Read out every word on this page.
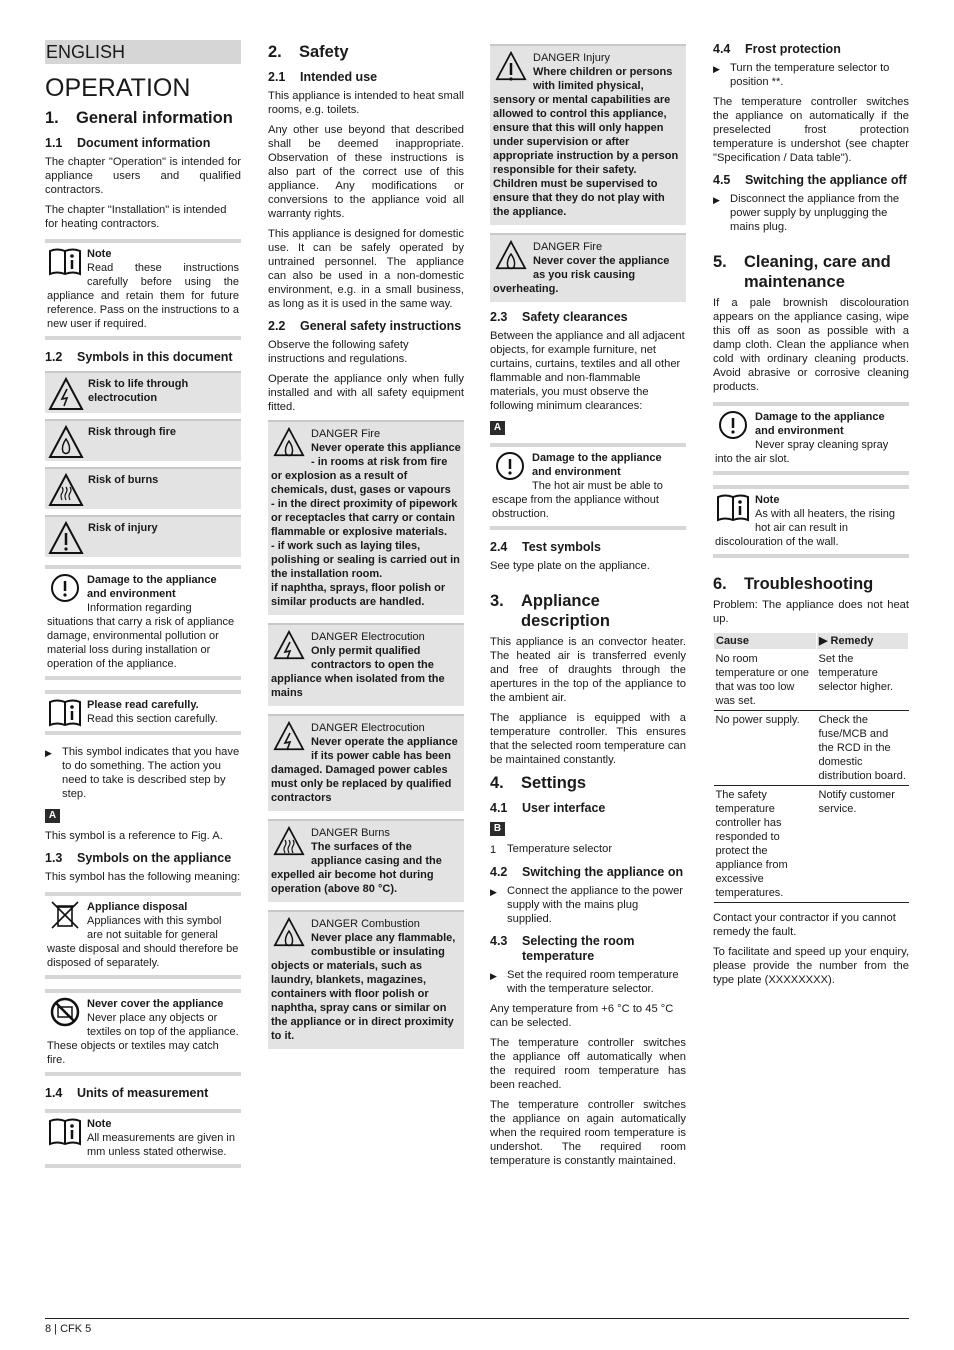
ENGLISH
OPERATION
1.	General information
1.1	Document information

The chapter "Operation" is intended for appliance users and qualified contractors.

The chapter "Installation" is intended for heating contractors.

Note
Read these instructions carefully before using the appliance and retain them for future reference. Pass on the instructions to a new user if required.
1.2	Symbols in this document
Risk to life through electrocution
Risk through fire
Risk of burns
Risk of injury
Damage to the appliance and environment
Information regarding situations that carry a risk of appliance damage, environmental pollution or material loss during installation or operation of the appliance.
Please read carefully.
Read this section carefully.
▶ This symbol indicates that you have to do something. The action you need to take is described step by step.
A

This symbol is a reference to Fig. A.

1.3	Symbols on the appliance

This symbol has the following meaning:

Appliance disposal
Appliances with this symbol are not suitable for general waste disposal and should therefore be disposed of separately.
Never cover the appliance
Never place any objects or textiles on top of the appliance. These objects or textiles may catch fire.
1.4	Units of measurement
Note
All measurements are given in mm unless stated otherwise.
2.	Safety
2.1	Intended use

This appliance is intended to heat small rooms, e.g. toilets.

Any other use beyond that described shall be deemed inappropriate. Observation of these instructions is also part of the correct use of this appliance. Any modifications or conversions to the appliance void all warranty rights.

This appliance is designed for domestic use. It can be safely operated by untrained personnel. The appliance can also be used in a non-domestic environment, e.g. in a small business, as long as it is used in the same way.

2.2	General safety instructions

Observe the following safety instructions and regulations.

Operate the appliance only when fully installed and with all safety equipment fitted.

DANGER Fire
Never operate this appliance
- in rooms at risk from fire or explosion as a result of chemicals, dust, gases or vapours
- in the direct proximity of pipework or receptacles that carry or contain flammable or explosive materials.
- if work such as laying tiles, polishing or sealing is carried out in the installation room.
if naphtha, sprays, floor polish or similar products are handled.
DANGER Electrocution
Only permit qualified contractors to open the appliance when isolated from the mains
DANGER Electrocution
Never operate the appliance if its power cable has been damaged. Damaged power cables must only be replaced by qualified contractors
DANGER Burns
The surfaces of the appliance casing and the expelled air become hot during operation (above 80 °C).
DANGER Combustion
Never place any flammable, combustible or insulating objects or materials, such as laundry, blankets, magazines, containers with floor polish or naphtha, spray cans or similar on the appliance or in direct proximity to it.
DANGER Injury
Where children or persons with limited physical, sensory or mental capabilities are allowed to control this appliance, ensure that this will only happen under supervision or after appropriate instruction by a person responsible for their safety. Children must be supervised to ensure that they do not play with the appliance.
DANGER Fire
Never cover the appliance as you risk causing overheating.
2.3	Safety clearances

Between the appliance and all adjacent objects, for example furniture, net curtains, curtains, textiles and all other flammable and non-flammable materials, you must observe the following minimum clearances:

A
Damage to the appliance and environment
The hot air must be able to escape from the appliance without obstruction.
2.4	Test symbols

See type plate on the appliance.

3.	Appliance description

This appliance is an convector heater. The heated air is transferred evenly and free of draughts through the apertures in the top of the appliance to the ambient air.

The appliance is equipped with a temperature controller. This ensures that the selected room temperature can be maintained constantly.

4.	Settings
4.1	User interface
B
1 Temperature selector
4.2	Switching the appliance on
▶ Connect the appliance to the power supply with the mains plug supplied.
4.3	Selecting the room temperature
▶ Set the required room temperature with the temperature selector.

Any temperature from +6 °C to 45 °C can be selected.

The temperature controller switches the appliance off automatically when the required room temperature has been reached.

The temperature controller switches the appliance on again automatically when the required room temperature is undershot. The required room temperature is constantly maintained.

4.4	Frost protection
▶ Turn the temperature selector to position **.

The temperature controller switches the appliance on automatically if the preselected frost protection temperature is undershot (see chapter "Specification / Data table").

4.5	Switching the appliance off
▶ Disconnect the appliance from the power supply by unplugging the mains plug.
5.	Cleaning, care and maintenance

If a pale brownish discolouration appears on the appliance casing, wipe this off as soon as possible with a damp cloth. Clean the appliance when cold with ordinary cleaning products. Avoid abrasive or corrosive cleaning products.

Damage to the appliance and environment
Never spray cleaning spray into the air slot.
Note
As with all heaters, the rising hot air can result in discolouration of the wall.
6.	Troubleshooting

Problem: The appliance does not heat up.

Cause	▶ Remedy
No room temperature or one that was too low was set.	Set the temperature selector higher.
No power supply.	Check the fuse/MCB and the RCD in the domestic distribution board.
The safety temperature controller has responded to protect the appliance from excessive temperatures.	Notify customer service.

Contact your contractor if you cannot remedy the fault.

To facilitate and speed up your enquiry, please provide the number from the type plate (XXXXXXXX).

8 | CFK 5
